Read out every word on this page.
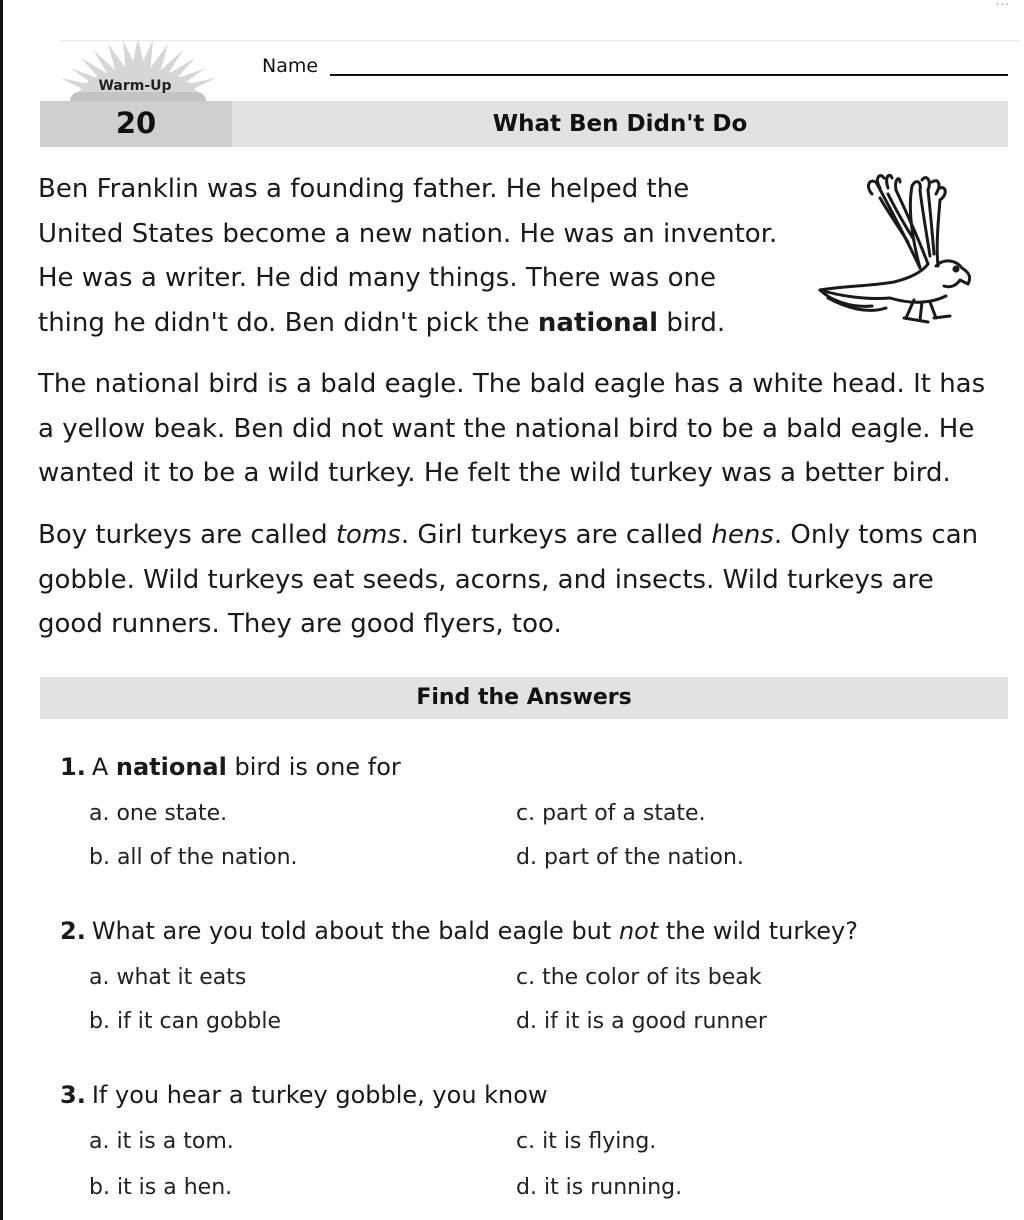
...
Warm-Up
Name
20	What Ben Didn't Do

Ben Franklin was a founding father. He helped the
United States become a new nation. He was an inventor.
He was a writer. He did many things. There was one
thing he didn't do. Ben didn't pick the national bird.

The national bird is a bald eagle. The bald eagle has a white head. It has
a yellow beak. Ben did not want the national bird to be a bald eagle. He
wanted it to be a wild turkey. He felt the wild turkey was a better bird.

Boy turkeys are called toms. Girl turkeys are called hens. Only toms can
gobble. Wild turkeys eat seeds, acorns, and insects. Wild turkeys are
good runners. They are good flyers, too.

Find the Answers
1. A national bird is one for
a. one state.
b. all of the nation.
c. part of a state.
d. part of the nation.
2. What are you told about the bald eagle but not the wild turkey?
a. what it eats
b. if it can gobble
c. the color of its beak
d. if it is a good runner
3. If you hear a turkey gobble, you know
a. it is a tom.
b. it is a hen.
c. it is flying.
d. it is running.
